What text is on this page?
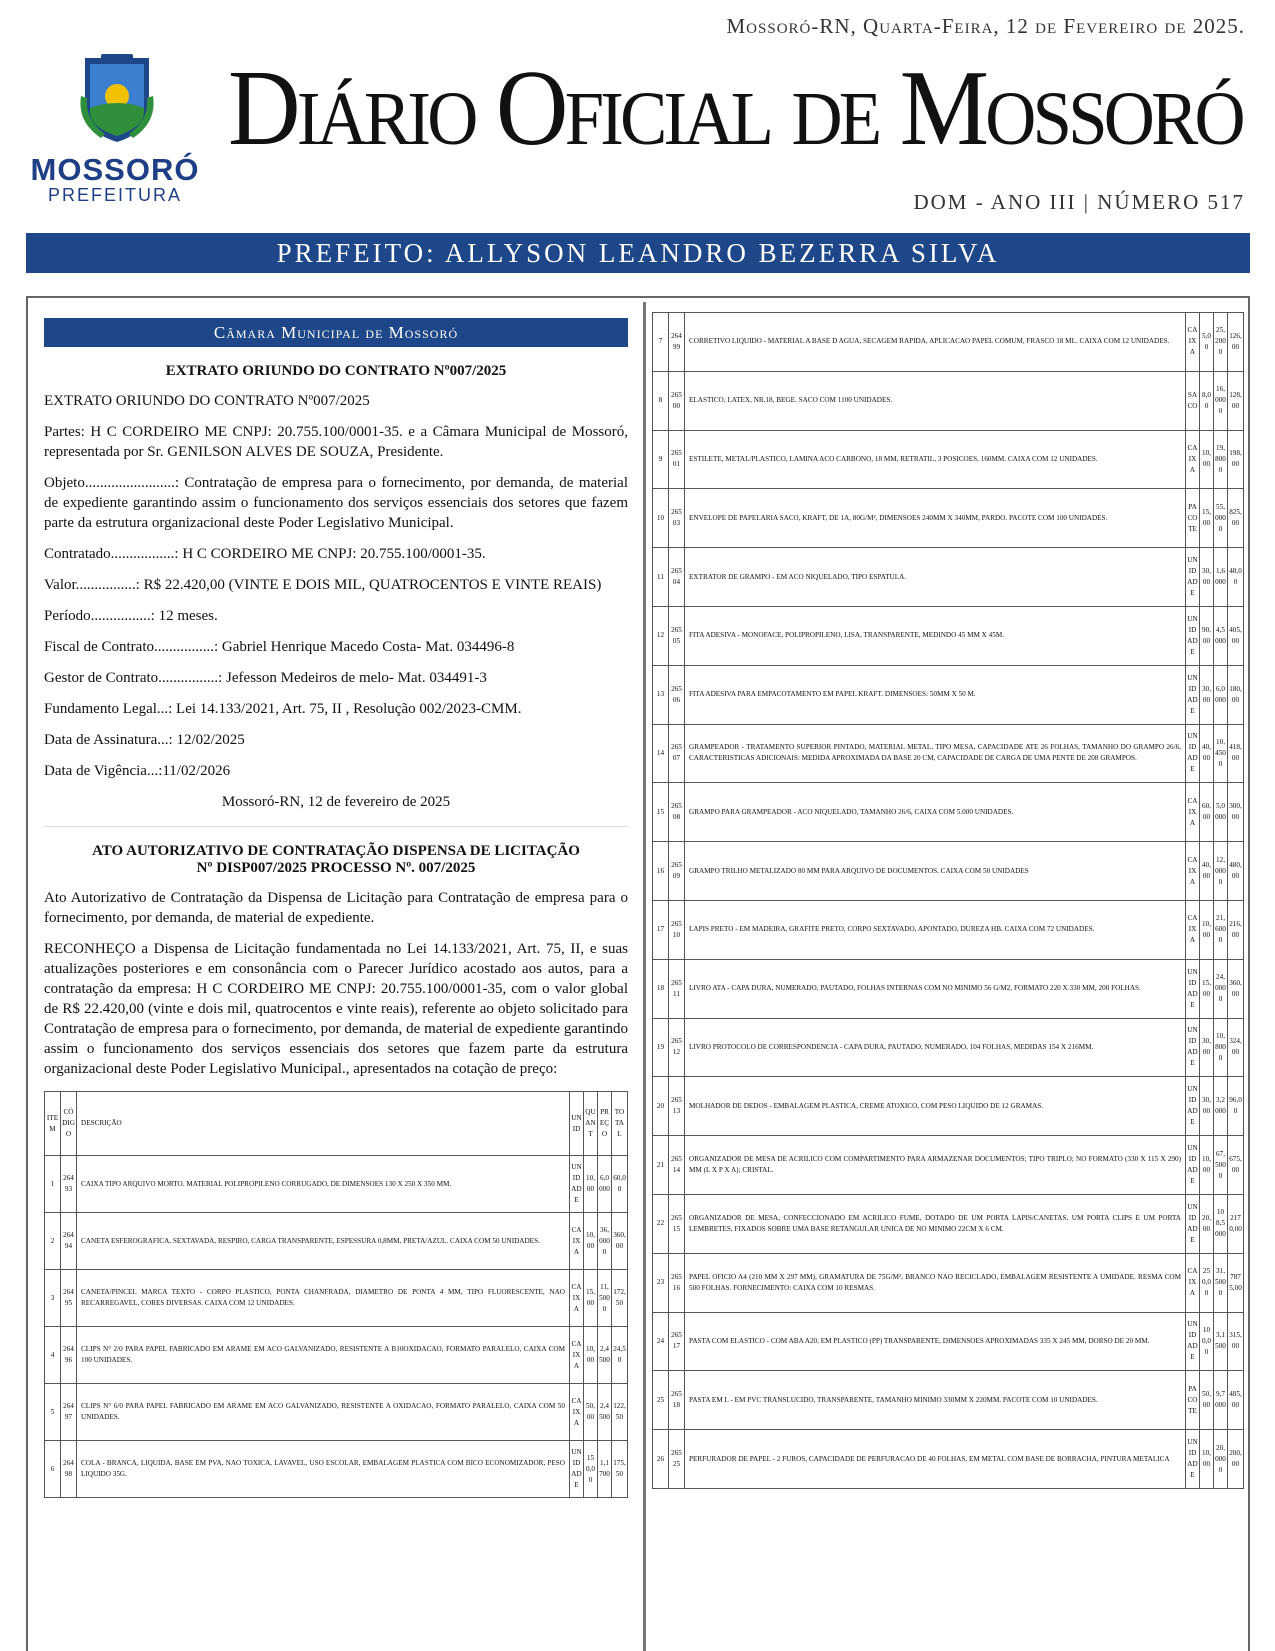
Mossoró-RN, Quarta-Feira, 12 de Fevereiro de 2025.
MOSSORÓ
PREFEITURA
Diário Oficial de Mossoró
DOM - ANO III | NÚMERO 517
PREFEITO: ALLYSON LEANDRO BEZERRA SILVA
Câmara Municipal de Mossoró
EXTRATO ORIUNDO DO CONTRATO Nº007/2025
EXTRATO ORIUNDO DO CONTRATO Nº007/2025
Partes: H C CORDEIRO ME CNPJ: 20.755.100/0001-35. e a Câmara Municipal de Mossoró, representada por Sr. GENILSON ALVES DE SOUZA, Presidente.
Objeto........................: Contratação de empresa para o fornecimento, por demanda, de material de expediente garantindo assim o funcionamento dos serviços essenciais dos setores que fazem parte da estrutura organizacional deste Poder Legislativo Municipal.
Contratado.................: H C CORDEIRO ME CNPJ: 20.755.100/0001-35.
Valor................: R$ 22.420,00 (VINTE E DOIS MIL, QUATROCENTOS E VINTE REAIS)
Período................: 12 meses.
Fiscal de Contrato................: Gabriel Henrique Macedo Costa- Mat. 034496-8
Gestor de Contrato................: Jefesson Medeiros de melo- Mat. 034491-3
Fundamento Legal...: Lei 14.133/2021, Art. 75, II , Resolução 002/2023-CMM.
Data de Assinatura...: 12/02/2025
Data de Vigência...:11/02/2026
Mossoró-RN, 12 de fevereiro de 2025
ATO AUTORIZATIVO DE CONTRATAÇÃO DISPENSA DE LICITAÇÃO
Nº DISP007/2025 PROCESSO Nº. 007/2025
Ato Autorizativo de Contratação da Dispensa de Licitação para Contratação de empresa para o fornecimento, por demanda, de material de expediente.
RECONHEÇO a Dispensa de Licitação fundamentada no Lei 14.133/2021, Art. 75, II, e suas atualizações posteriores e em consonância com o Parecer Jurídico acostado aos autos, para a contratação da empresa: H C CORDEIRO ME CNPJ: 20.755.100/0001-35, com o valor global de R$ 22.420,00 (vinte e dois mil, quatrocentos e vinte reais), referente ao objeto solicitado para Contratação de empresa para o fornecimento, por demanda, de material de expediente garantindo assim o funcionamento dos serviços essenciais dos setores que fazem parte da estrutura organizacional deste Poder Legislativo Municipal., apresentados na cotação de preço:
ITEM	CÓDIGO	DESCRIÇÃO	UNID	QUANT	PREÇO	TOTAL
1	26493	CAIXA TIPO ARQUIVO MORTO. MATERIAL POLIPROPILENO CORRUGADO, DE DIMENSOES 130 X 250 X 350 MM.	UNIDADE	10,00	6,0000	60,00
2	26494	CANETA ESFEROGRAFICA, SEXTAVADA, RESPIRO, CARGA TRANSPARENTE, ESPESSURA 0,8MM, PRETA/AZUL. CAIXA COM 50 UNIDADES.	CAIXA	10,00	36,0000	360,00
3	26495	CANETA/PINCEL MARCA TEXTO - CORPO PLASTICO, PONTA CHANFRADA, DIAMETRO DE PONTA 4 MM, TIPO FLUORESCENTE, NAO RECARREGAVEL, CORES DIVERSAS. CAIXA COM 12 UNIDADES.	CAIXA	15,00	11,5000	172,50
4	26496	CLIPS N° 2/0 PARA PAPEL FABRICADO EM ARAME EM ACO GALVANIZADO, RESISTENTE A B10OXIDACAO, FORMATO PARALELO, CAIXA COM 100 UNIDADES.	CAIXA	10,00	2,4500	24,50
5	26497	CLIPS N° 6/0 PARA PAPEL FABRICADO EM ARAME EM ACO GALVANIZADO, RESISTENTE A OXIDACAO, FORMATO PARALELO, CAIXA COM 50 UNIDADES.	CAIXA	50,00	2,4500	122,50
6	26498	COLA - BRANCA, LIQUIDA, BASE EM PVA, NAO TOXICA, LAVAVEL, USO ESCOLAR, EMBALAGEM PLASTICA COM BICO ECONOMIZADOR, PESO LIQUIDO 35G.	UNIDADE	150,00	1,1700	175,50
7	26499	CORRETIVO LIQUIDO - MATERIAL A BASE D AGUA, SECAGEM RAPIDA, APLICACAO PAPEL COMUM, FRASCO 18 ML. CAIXA COM 12 UNIDADES.	CAIXA	5,00	25,2000	126,00
8	26500	ELASTICO, LATEX, NR.18, BEGE. SACO COM 1100 UNIDADES.	SACO	8,00	16,0000	128,00
9	26501	ESTILETE, METAL/PLASTICO, LAMINA ACO CARBONO, 18 MM, RETRATIL, 3 POSICOES, 160MM. CAIXA COM 12 UNIDADES.	CAIXA	10,00	19,8000	198,00
10	26503	ENVELOPE DE PAPELARIA SACO, KRAFT, DE 1A, 80G/M², DIMENSOES 240MM X 340MM, PARDO. PACOTE COM 100 UNIDADES.	PACOTE	15,00	55,0000	825,00
11	26504	EXTRATOR DE GRAMPO - EM ACO NIQUELADO, TIPO ESPATULA.	UNIDADE	30,00	1,6000	48,00
12	26505	FITA ADESIVA - MONOFACE, POLIPROPILENO, LISA, TRANSPARENTE, MEDINDO 45 MM X 45M.	UNIDADE	90,00	4,5000	405,00
13	26506	FITA ADESIVA PARA EMPACOTAMENTO EM PAPEL KRAFT. DIMENSOES: 50MM X 50 M.	UNIDADE	30,00	6,0000	180,00
14	26507	GRAMPEADOR - TRATAMENTO SUPERIOR PINTADO, MATERIAL METAL, TIPO MESA, CAPACIDADE ATE 26 FOLHAS, TAMANHO DO GRAMPO 26/6, CARACTERISTICAS ADICIONAIS: MEDIDA APROXIMADA DA BASE 20 CM, CAPACIDADE DE CARGA DE UMA PENTE DE 208 GRAMPOS.	UNIDADE	40,00	10,4500	418,00
15	26508	GRAMPO PARA GRAMPEADOR - ACO NIQUELADO, TAMANHO 26/6, CAIXA COM 5.000 UNIDADES.	CAIXA	60,00	5,0000	300,00
16	26509	GRAMPO TRILHO METALIZADO 80 MM PARA ARQUIVO DE DOCUMENTOS. CAIXA COM 50 UNIDADES	CAIXA	40,00	12,0000	480,00
17	26510	LAPIS PRETO - EM MADEIRA, GRAFITE PRETO, CORPO SEXTAVADO, APONTADO, DUREZA HB. CAIXA COM 72 UNIDADES.	CAIXA	10,00	21,6000	216,00
18	26511	LIVRO ATA - CAPA DURA, NUMERADO, PAUTADO, FOLHAS INTERNAS COM NO MINIMO 56 G/M2, FORMATO 220 X 330 MM, 200 FOLHAS.	UNIDADE	15,00	24,0000	360,00
19	26512	LIVRO PROTOCOLO DE CORRESPONDENCIA - CAPA DURA, PAUTADO, NUMERADO, 104 FOLHAS, MEDIDAS 154 X 216MM.	UNIDADE	30,00	10,8000	324,00
20	26513	MOLHADOR DE DEDOS - EMBALAGEM PLASTICA, CREME ATOXICO, COM PESO LIQUIDO DE 12 GRAMAS.	UNIDADE	30,00	3,2000	96,00
21	26514	ORGANIZADOR DE MESA DE ACRILICO COM COMPARTIMENTO PARA ARMAZENAR DOCUMENTOS; TIPO TRIPLO; NO FORMATO (330 X 115 X 290) MM (L X P X A); CRISTAL.	UNIDADE	10,00	67,5000	675,00
22	26515	ORGANIZADOR DE MESA, CONFECCIONADO EM ACRILICO FUME, DOTADO DE UM PORTA LAPIS/CANETAS, UM PORTA CLIPS E UM PORTA LEMBRETES, FIXADOS SOBRE UMA BASE RETANGULAR UNICA DE NO MINIMO 22CM X 6 CM.	UNIDADE	20,00	108,5000	2170,00
23	26516	PAPEL OFICIO A4 (210 MM X 297 MM), GRAMATURA DE 75G/M², BRANCO NAO RECICLADO, EMBALAGEM RESISTENTE A UMIDADE. RESMA COM 500 FOLHAS. FORNECIMENTO: CAIXA COM 10 RESMAS.	CAIXA	250,00	31,5000	7875,00
24	26517	PASTA COM ELASTICO - COM ABA A20, EM PLASTICO (PP) TRANSPARENTE, DIMENSOES APROXIMADAS 335 X 245 MM, DORSO DE 20 MM.	UNIDADE	100,00	3,1500	315,00
25	26518	PASTA EM L - EM PVC TRANSLUCIDO, TRANSPARENTE, TAMANHO MINIMO 330MM X 220MM. PACOTE COM 10 UNIDADES.	PACOTE	50,00	9,7000	485,00
26	26525	PERFURADOR DE PAPEL - 2 FUROS, CAPACIDADE DE PERFURACAO DE 40 FOLHAS, EM METAL COM BASE DE BORRACHA, PINTURA METALICA	UNIDADE	10,00	20,0000	200,00
